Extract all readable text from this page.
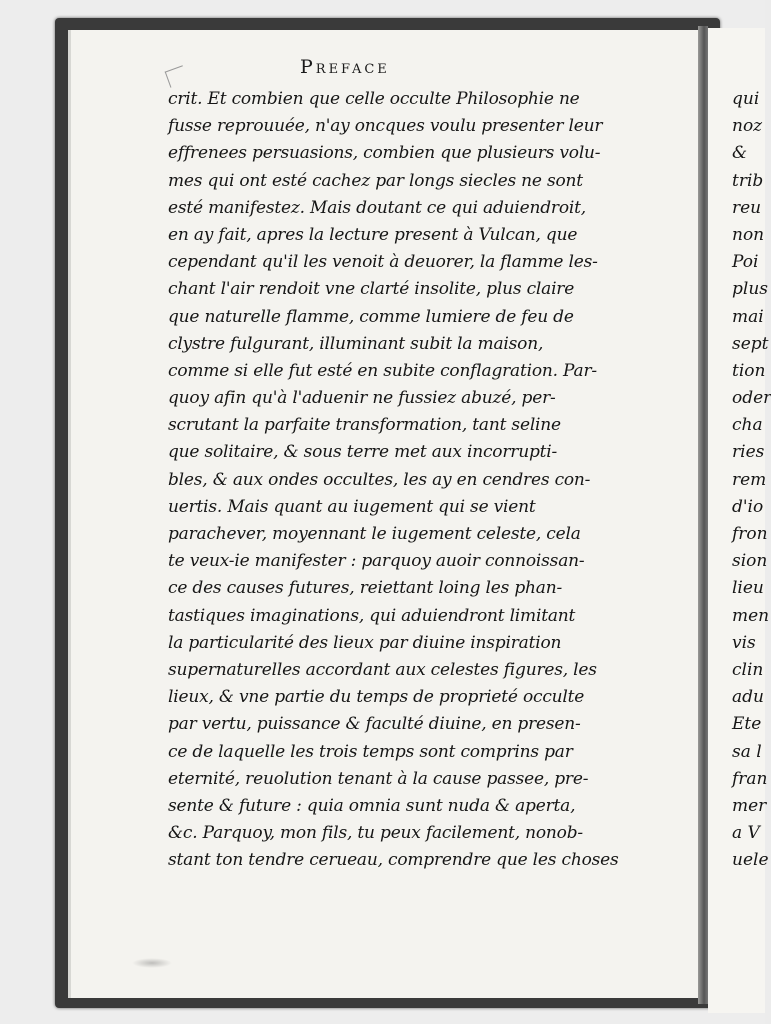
Preface
crit. Et combien que celle occulte Philosophie ne
fusse reprouuée, n'ay oncques voulu presenter leur
effrenees persuasions, combien que plusieurs volu-
mes qui ont esté cachez par longs siecles ne sont
esté manifestez. Mais doutant ce qui aduiendroit,
en ay fait, apres la lecture present à Vulcan, que
cependant qu'il les venoit à deuorer, la flamme les-
chant l'air rendoit vne clarté insolite, plus claire
que naturelle flamme, comme lumiere de feu de
clystre fulgurant, illuminant subit la maison,
comme si elle fut esté en subite conflagration. Par-
quoy afin qu'à l'aduenir ne fussiez abuzé, per-
scrutant la parfaite transformation, tant seline
que solitaire, & sous terre met aux incorrupti-
bles, & aux ondes occultes, les ay en cendres con-
uertis. Mais quant au iugement qui se vient
parachever, moyennant le iugement celeste, cela
te veux-ie manifester : parquoy auoir connoissan-
ce des causes futures, reiettant loing les phan-
tastiques imaginations, qui aduiendront limitant
la particularité des lieux par diuine inspiration
supernaturelles accordant aux celestes figures, les
lieux, & vne partie du temps de proprieté occulte
par vertu, puissance & faculté diuine, en presen-
ce de laquelle les trois temps sont comprins par
eternité, reuolution tenant à la cause passee, pre-
sente & future : quia omnia sunt nuda & aperta,
&c. Parquoy, mon fils, tu peux facilement, nonob-
stant ton tendre cerueau, comprendre que les choses
qui
noz
&
trib
reu
non
Poi
plus
mai
sept
tion
oder
cha
ries
rem
d'io
fron
sion
lieu
men
vis
clin
adu
Ete
sa l
fran
mer
a V
uele
